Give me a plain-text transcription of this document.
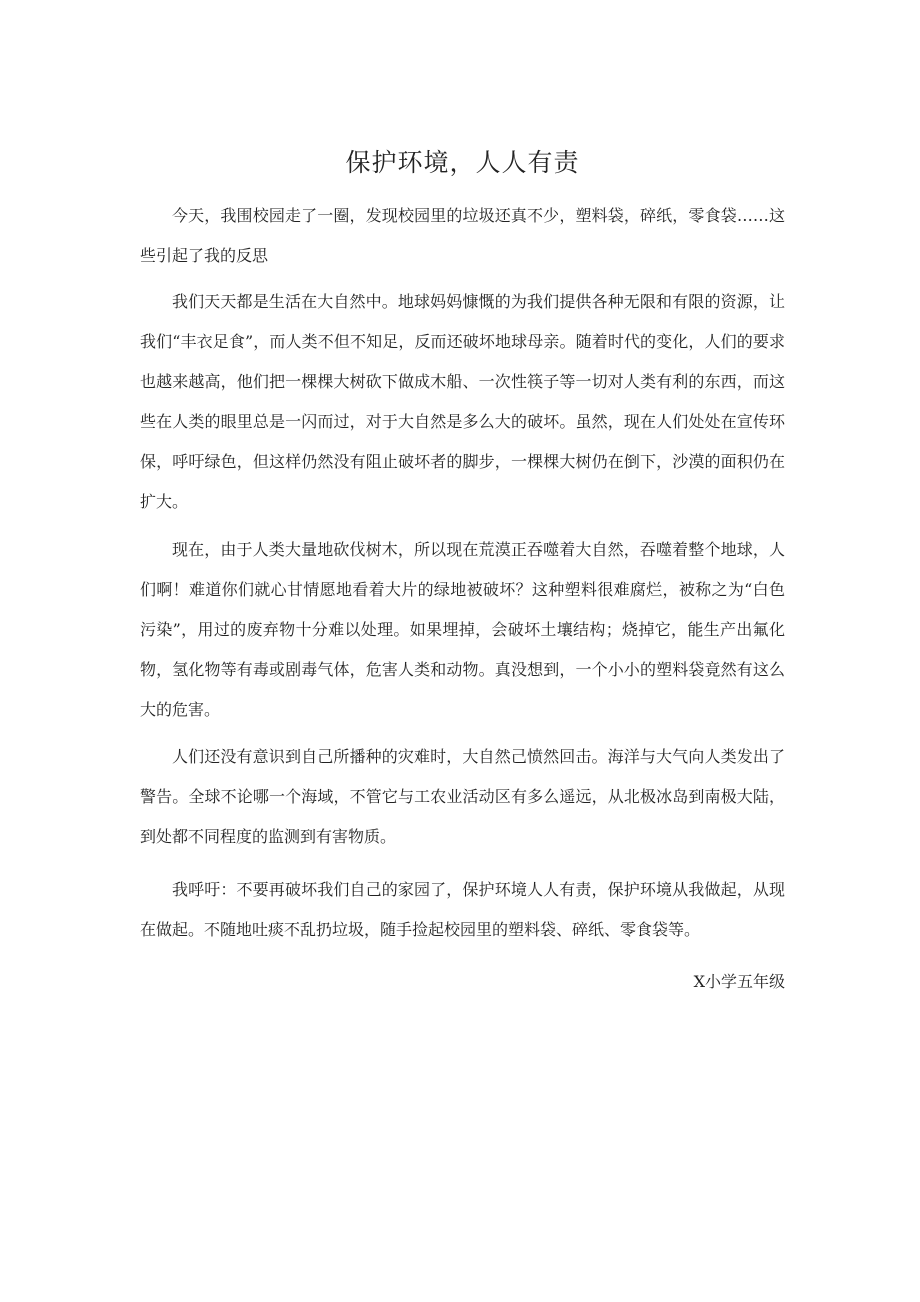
保护环境，人人有责

今天，我围校园走了一圈，发现校园里的垃圾还真不少，塑料袋，碎纸，零食袋……这些引起了我的反思

我们天天都是生活在大自然中。地球妈妈慷慨的为我们提供各种无限和有限的资源，让我们“丰衣足食”，而人类不但不知足，反而还破坏地球母亲。随着时代的变化，人们的要求也越来越高，他们把一棵棵大树砍下做成木船、一次性筷子等一切对人类有利的东西，而这些在人类的眼里总是一闪而过，对于大自然是多么大的破坏。虽然，现在人们处处在宣传环保，呼吁绿色，但这样仍然没有阻止破坏者的脚步，一棵棵大树仍在倒下，沙漠的面积仍在扩大。

现在，由于人类大量地砍伐树木，所以现在荒漠正吞噬着大自然，吞噬着整个地球，人们啊！难道你们就心甘情愿地看着大片的绿地被破坏？这种塑料很难腐烂，被称之为“白色污染”，用过的废弃物十分难以处理。如果埋掉，会破坏土壤结构；烧掉它，能生产出氟化物，氢化物等有毒或剧毒气体，危害人类和动物。真没想到，一个小小的塑料袋竟然有这么大的危害。

人们还没有意识到自己所播种的灾难时，大自然己愤然回击。海洋与大气向人类发出了警告。全球不论哪一个海域，不管它与工农业活动区有多么遥远，从北极冰岛到南极大陆，到处都不同程度的监测到有害物质。

我呼吁：不要再破坏我们自己的家园了，保护环境人人有责，保护环境从我做起，从现在做起。不随地吐痰不乱扔垃圾，随手捡起校园里的塑料袋、碎纸、零食袋等。

X小学五年级
